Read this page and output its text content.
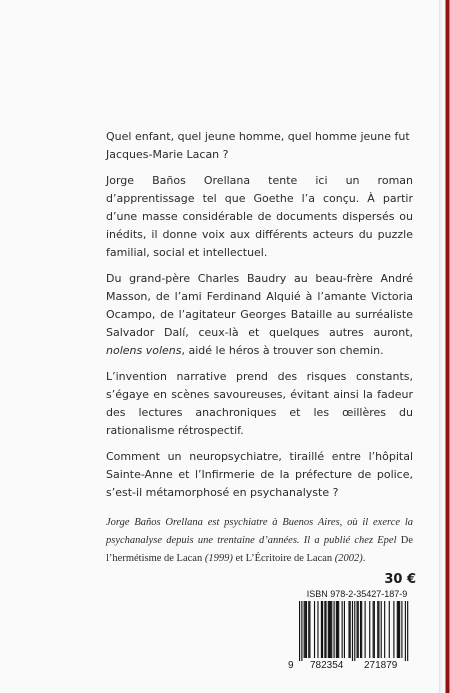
Quel enfant, quel jeune homme, quel homme jeune fut Jacques-Marie Lacan ?

Jorge Baños Orellana tente ici un roman d’apprentissage tel que Goethe l’a conçu. À partir d’une masse considérable de documents dispersés ou inédits, il donne voix aux différents acteurs du puzzle familial, social et intellectuel.

Du grand-père Charles Baudry au beau-frère André Masson, de l’ami Ferdinand Alquié à l’amante Victoria Ocampo, de l’agitateur Georges Bataille au surréaliste Salvador Dalí, ceux-là et quelques autres auront, nolens volens, aidé le héros à trouver son chemin.

L’invention narrative prend des risques constants, s’égaye en scènes savoureuses, évitant ainsi la fadeur des lectures anachroniques et les œillères du rationalisme rétrospectif.

Comment un neuropsychiatre, tiraillé entre l’hôpital Sainte-Anne et l’Infirmerie de la préfecture de police, s’est-il métamorphosé en psychanalyste ?

Jorge Baños Orellana est psychiatre à Buenos Aires, où il exerce la psychanalyse depuis une trentaine d’années. Il a publié chez Epel De l’hermétisme de Lacan (1999) et L’Écritoire de Lacan (2002).

30 €
ISBN 978-2-35427-187-9
9 782354 271879
